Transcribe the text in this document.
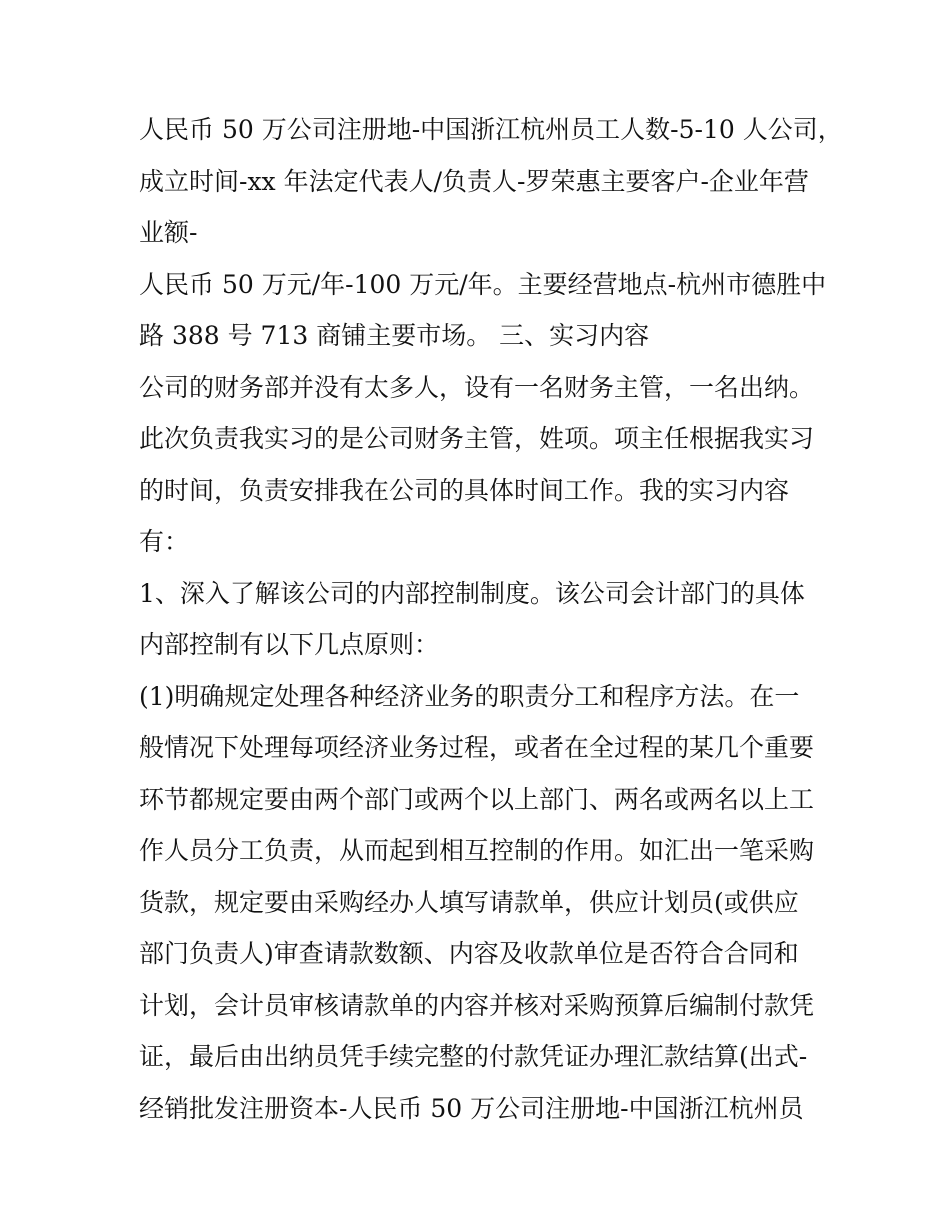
人民币 50 万公司注册地-中国浙江杭州员工人数-5-10 人公司，
成立时间-xx 年法定代表人/负责人-罗荣惠主要客户-企业年营
业额-
人民币 50 万元/年-100 万元/年。主要经营地点-杭州市德胜中
路 388 号 713 商铺主要市场。 三、实习内容
公司的财务部并没有太多人，设有一名财务主管，一名出纳。
此次负责我实习的是公司财务主管，姓项。项主任根据我实习
的时间，负责安排我在公司的具体时间工作。我的实习内容
有：
1、深入了解该公司的内部控制制度。该公司会计部门的具体
内部控制有以下几点原则：
(1)明确规定处理各种经济业务的职责分工和程序方法。在一
般情况下处理每项经济业务过程，或者在全过程的某几个重要
环节都规定要由两个部门或两个以上部门、两名或两名以上工
作人员分工负责，从而起到相互控制的作用。如汇出一笔采购
货款，规定要由采购经办人填写请款单，供应计划员(或供应
部门负责人)审查请款数额、内容及收款单位是否符合合同和
计划，会计员审核请款单的内容并核对采购预算后编制付款凭
证，最后由出纳员凭手续完整的付款凭证办理汇款结算(出式-
经销批发注册资本-人民币 50 万公司注册地-中国浙江杭州员
